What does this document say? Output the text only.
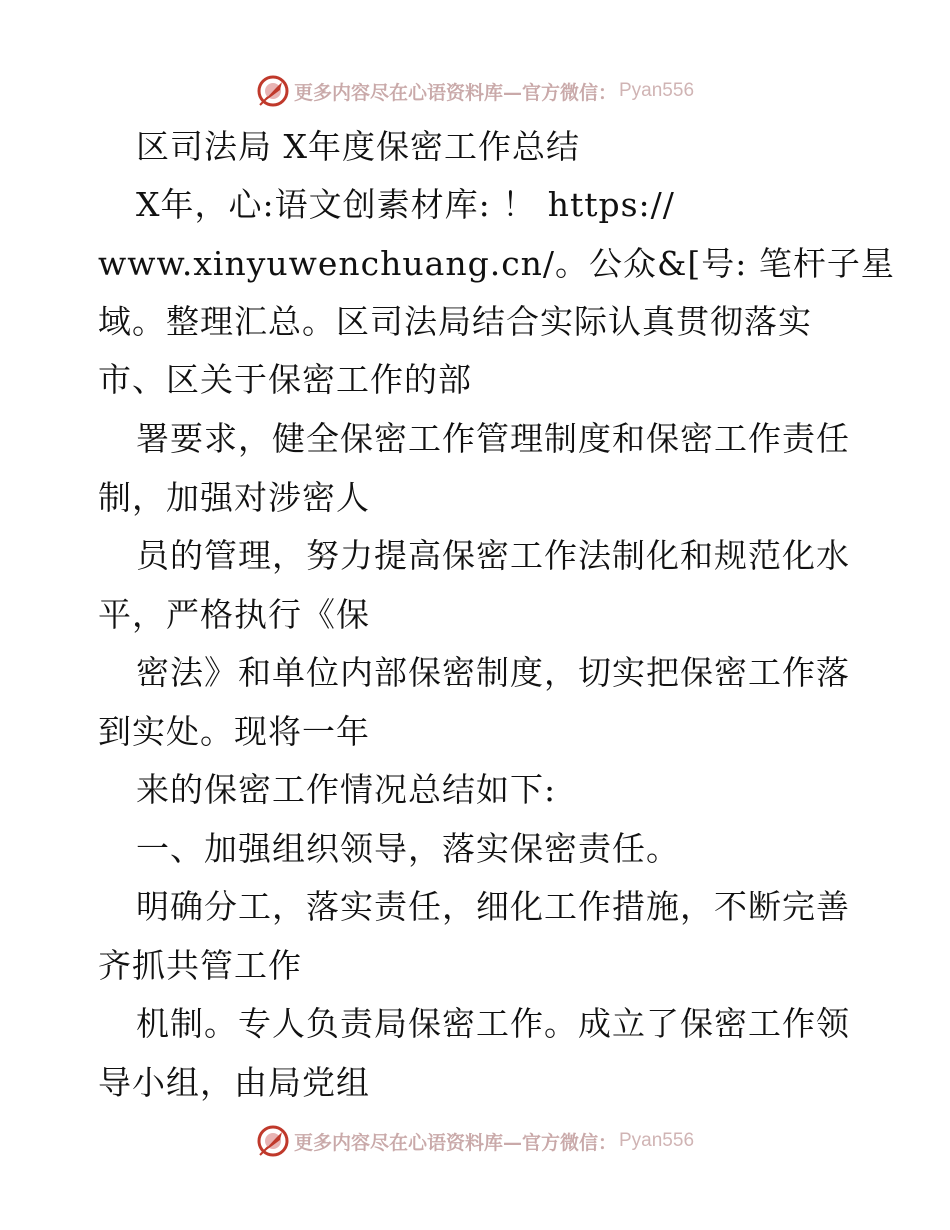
更多内容尽在心语资料库—官方微信： Pyan556
区司法局 X年度保密工作总结
X年，心:语文创素材库: ！ https://
www.xinyuwenchuang.cn/。公众&[号: 笔杆子星
域。整理汇总。区司法局结合实际认真贯彻落实
市、区关于保密工作的部
署要求，健全保密工作管理制度和保密工作责任
制，加强对涉密人
员的管理，努力提高保密工作法制化和规范化水
平，严格执行《保
密法》和单位内部保密制度，切实把保密工作落
到实处。现将一年
来的保密工作情况总结如下:
一、加强组织领导，落实保密责任。
明确分工，落实责任，细化工作措施，不断完善
齐抓共管工作
机制。专人负责局保密工作。成立了保密工作领
导小组，由局党组
更多内容尽在心语资料库—官方微信： Pyan556
